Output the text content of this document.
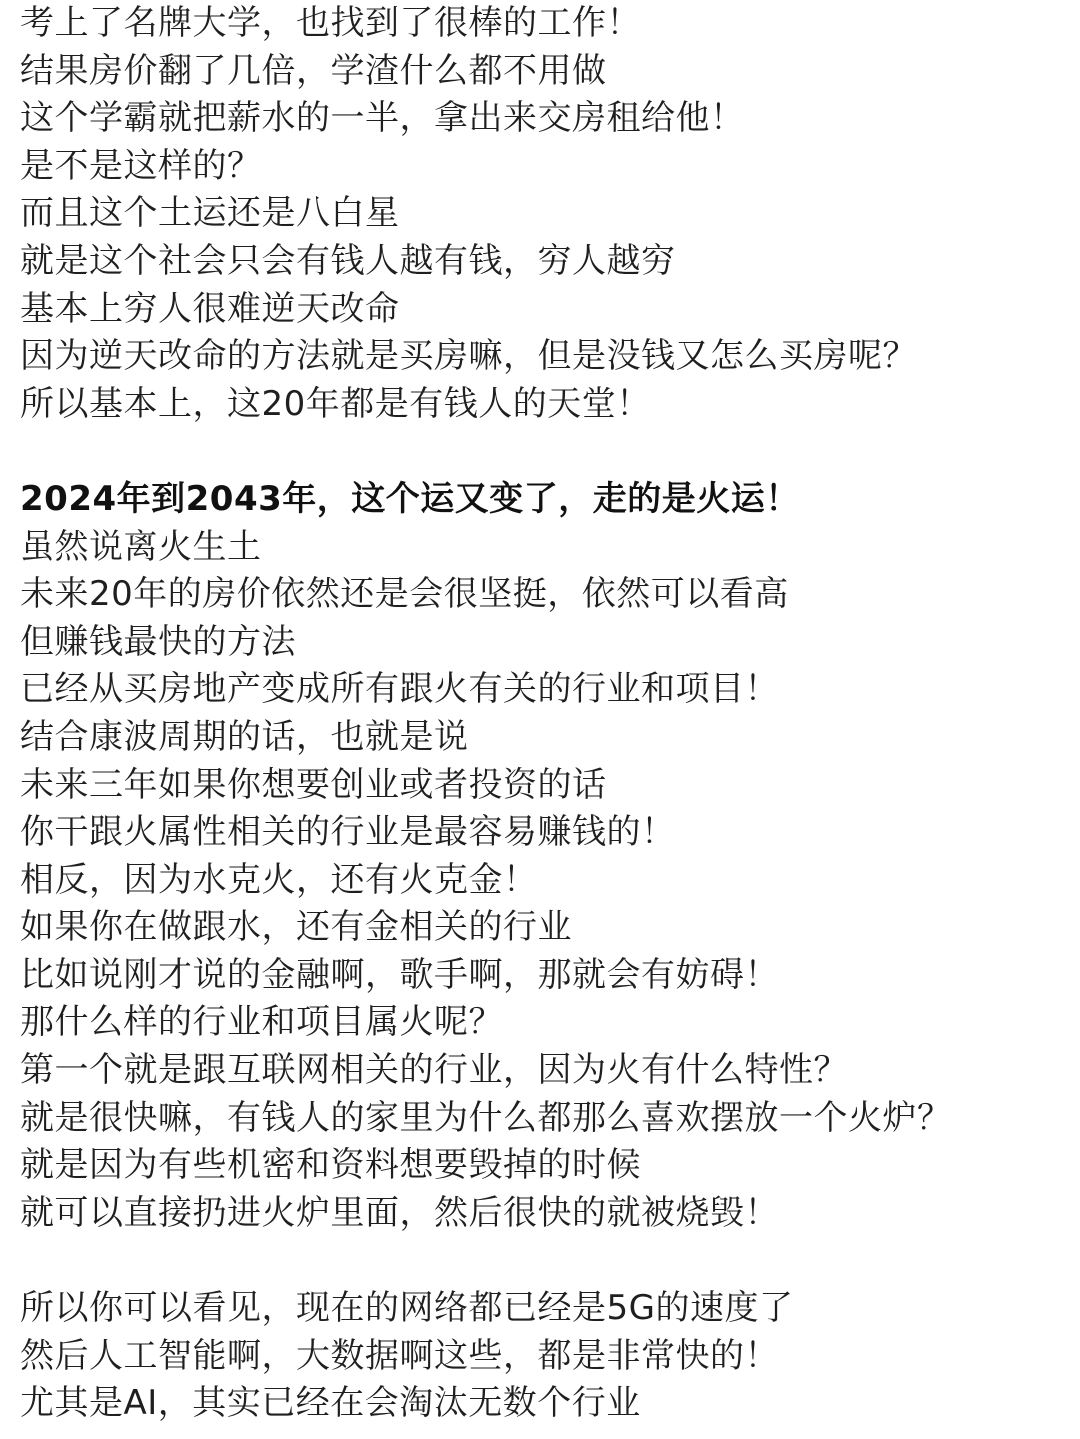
考上了名牌大学，也找到了很棒的工作！
结果房价翻了几倍，学渣什么都不用做
这个学霸就把薪水的一半，拿出来交房租给他！
是不是这样的？
而且这个土运还是八白星
就是这个社会只会有钱人越有钱，穷人越穷
基本上穷人很难逆天改命
因为逆天改命的方法就是买房嘛，但是没钱又怎么买房呢？
所以基本上，这20年都是有钱人的天堂！
2024年到2043年，这个运又变了，走的是火运！
虽然说离火生土
未来20年的房价依然还是会很坚挺，依然可以看高
但赚钱最快的方法
已经从买房地产变成所有跟火有关的行业和项目！
结合康波周期的话，也就是说
未来三年如果你想要创业或者投资的话
你干跟火属性相关的行业是最容易赚钱的！
相反，因为水克火，还有火克金！
如果你在做跟水，还有金相关的行业
比如说刚才说的金融啊，歌手啊，那就会有妨碍！
那什么样的行业和项目属火呢？
第一个就是跟互联网相关的行业，因为火有什么特性？
就是很快嘛，有钱人的家里为什么都那么喜欢摆放一个火炉？
就是因为有些机密和资料想要毁掉的时候
就可以直接扔进火炉里面，然后很快的就被烧毁！
所以你可以看见，现在的网络都已经是5G的速度了
然后人工智能啊，大数据啊这些，都是非常快的！
尤其是AI，其实已经在会淘汰无数个行业
